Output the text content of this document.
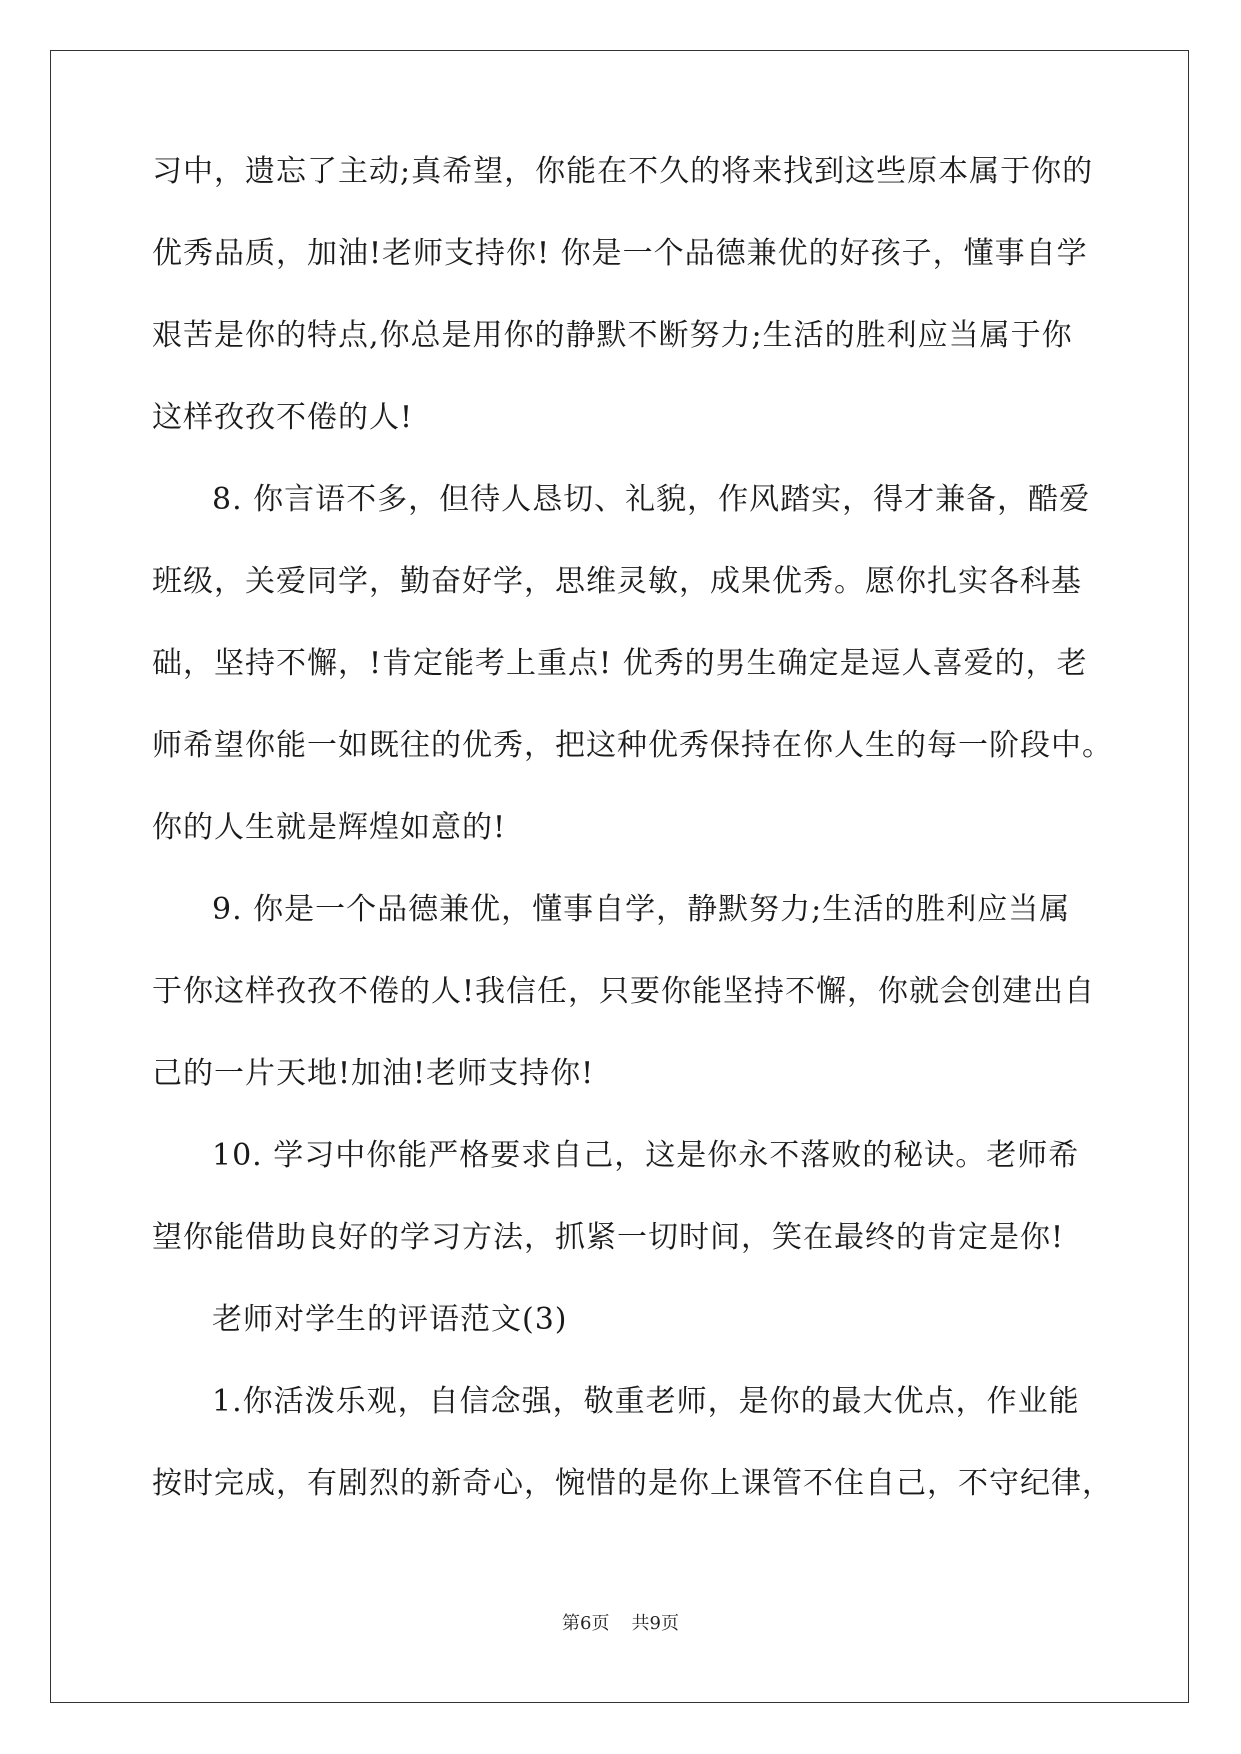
习中，遗忘了主动;真希望，你能在不久的将来找到这些原本属于你的
优秀品质，加油!老师支持你! 你是一个品德兼优的好孩子，懂事自学
艰苦是你的特点,你总是用你的静默不断努力;生活的胜利应当属于你
这样孜孜不倦的人!
8. 你言语不多，但待人恳切、礼貌，作风踏实，得才兼备，酷爱
班级，关爱同学，勤奋好学，思维灵敏，成果优秀。愿你扎实各科基
础，坚持不懈，!肯定能考上重点! 优秀的男生确定是逗人喜爱的，老
师希望你能一如既往的优秀，把这种优秀保持在你人生的每一阶段中。
你的人生就是辉煌如意的!
9. 你是一个品德兼优，懂事自学，静默努力;生活的胜利应当属
于你这样孜孜不倦的人!我信任，只要你能坚持不懈，你就会创建出自
己的一片天地!加油!老师支持你!
10. 学习中你能严格要求自己，这是你永不落败的秘诀。老师希
望你能借助良好的学习方法，抓紧一切时间，笑在最终的肯定是你!
老师对学生的评语范文(3)
1.你活泼乐观，自信念强，敬重老师，是你的最大优点，作业能
按时完成，有剧烈的新奇心，惋惜的是你上课管不住自己，不守纪律，
第6页 共9页
